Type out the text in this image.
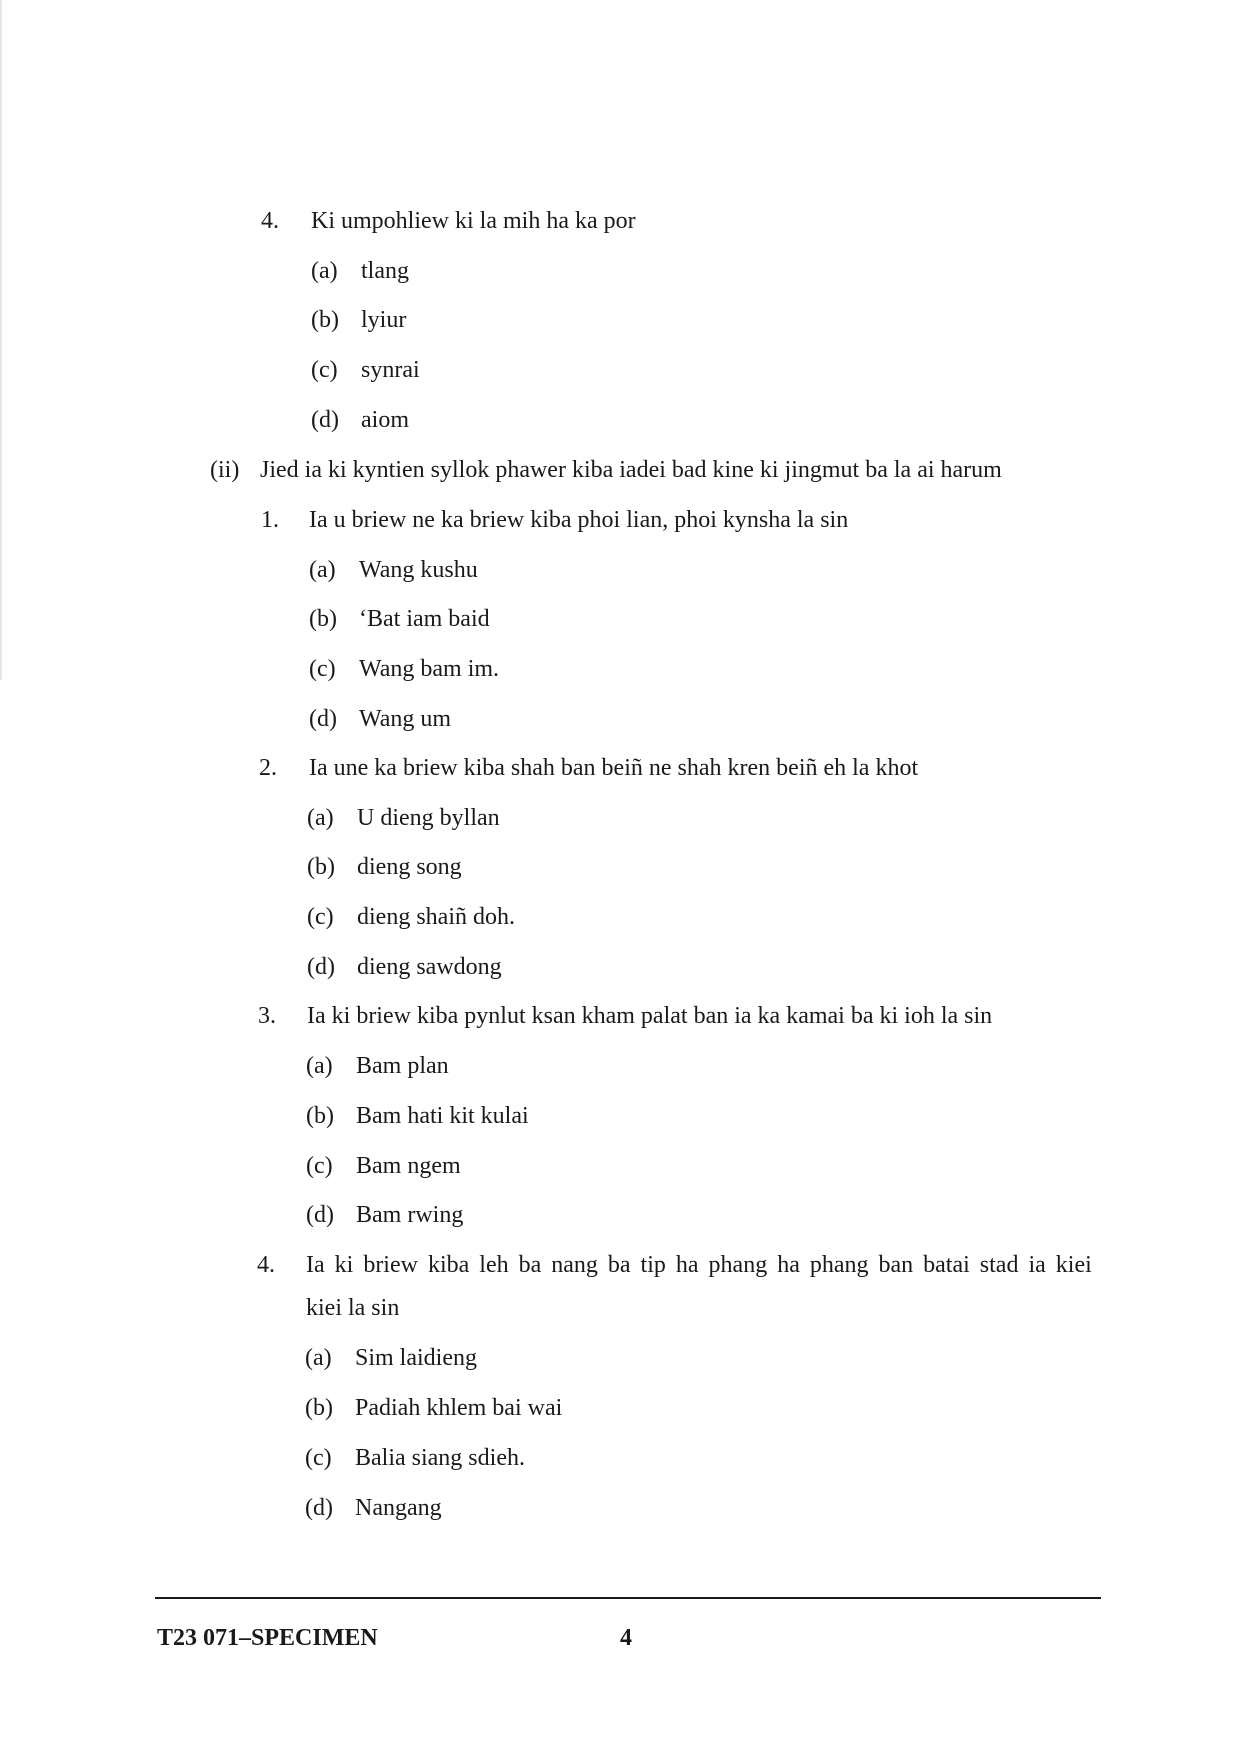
4. Ki umpohliew ki la mih ha ka por
(a) tlang
(b) lyiur
(c) synrai
(d) aiom
(ii) Jied ia ki kyntien syllok phawer kiba iadei bad kine ki jingmut ba la ai harum
1. Ia u briew ne ka briew kiba phoi lian, phoi kynsha la sin
(a) Wang kushu
(b) ‘Bat iam baid
(c) Wang bam im.
(d) Wang um
2. Ia une ka briew kiba shah ban beiñ ne shah kren beiñ eh la khot
(a) U dieng byllan
(b) dieng song
(c) dieng shaiñ doh.
(d) dieng sawdong
3. Ia ki briew kiba pynlut ksan kham palat ban ia ka kamai ba ki ioh la sin
(a) Bam plan
(b) Bam hati kit kulai
(c) Bam ngem
(d) Bam rwing
4. Ia ki briew kiba leh ba nang ba tip ha phang ha phang ban batai stad ia kiei
kiei la sin
(a) Sim laidieng
(b) Padiah khlem bai wai
(c) Balia siang sdieh.
(d) Nangang
T23 071–SPECIMEN	4
